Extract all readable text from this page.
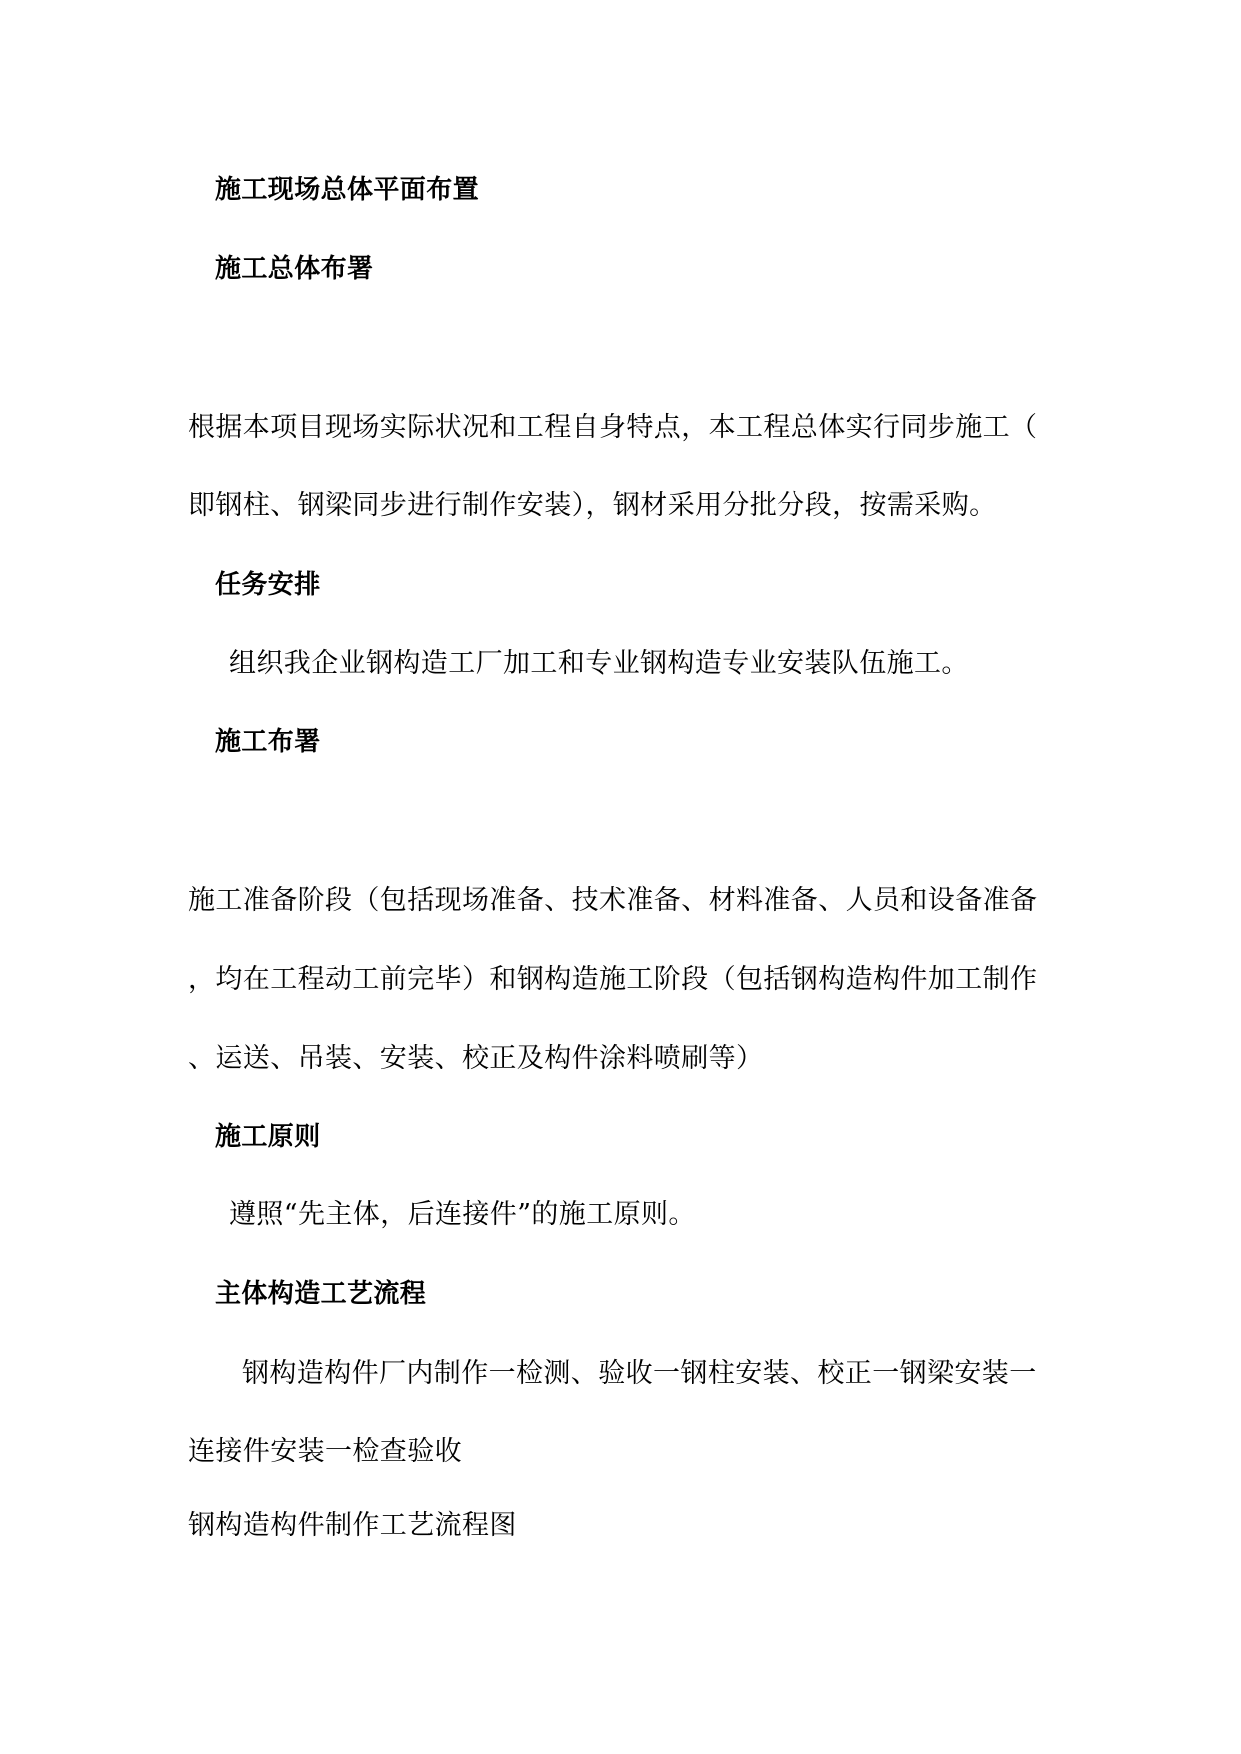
施工现场总体平面布置
施工总体布署
根据本项目现场实际状况和工程自身特点，本工程总体实行同步施工（
即钢柱、钢梁同步进行制作安装），钢材采用分批分段，按需采购。
任务安排
组织我企业钢构造工厂加工和专业钢构造专业安装队伍施工。
施工布署
施工准备阶段（包括现场准备、技术准备、材料准备、人员和设备准备
，均在工程动工前完毕）和钢构造施工阶段（包括钢构造构件加工制作
、运送、吊装、安装、校正及构件涂料喷刷等）
施工原则
遵照“先主体，后连接件”的施工原则。
主体构造工艺流程
钢构造构件厂内制作一检测、验收一钢柱安装、校正一钢梁安装一
连接件安装一检查验收
钢构造构件制作工艺流程图
